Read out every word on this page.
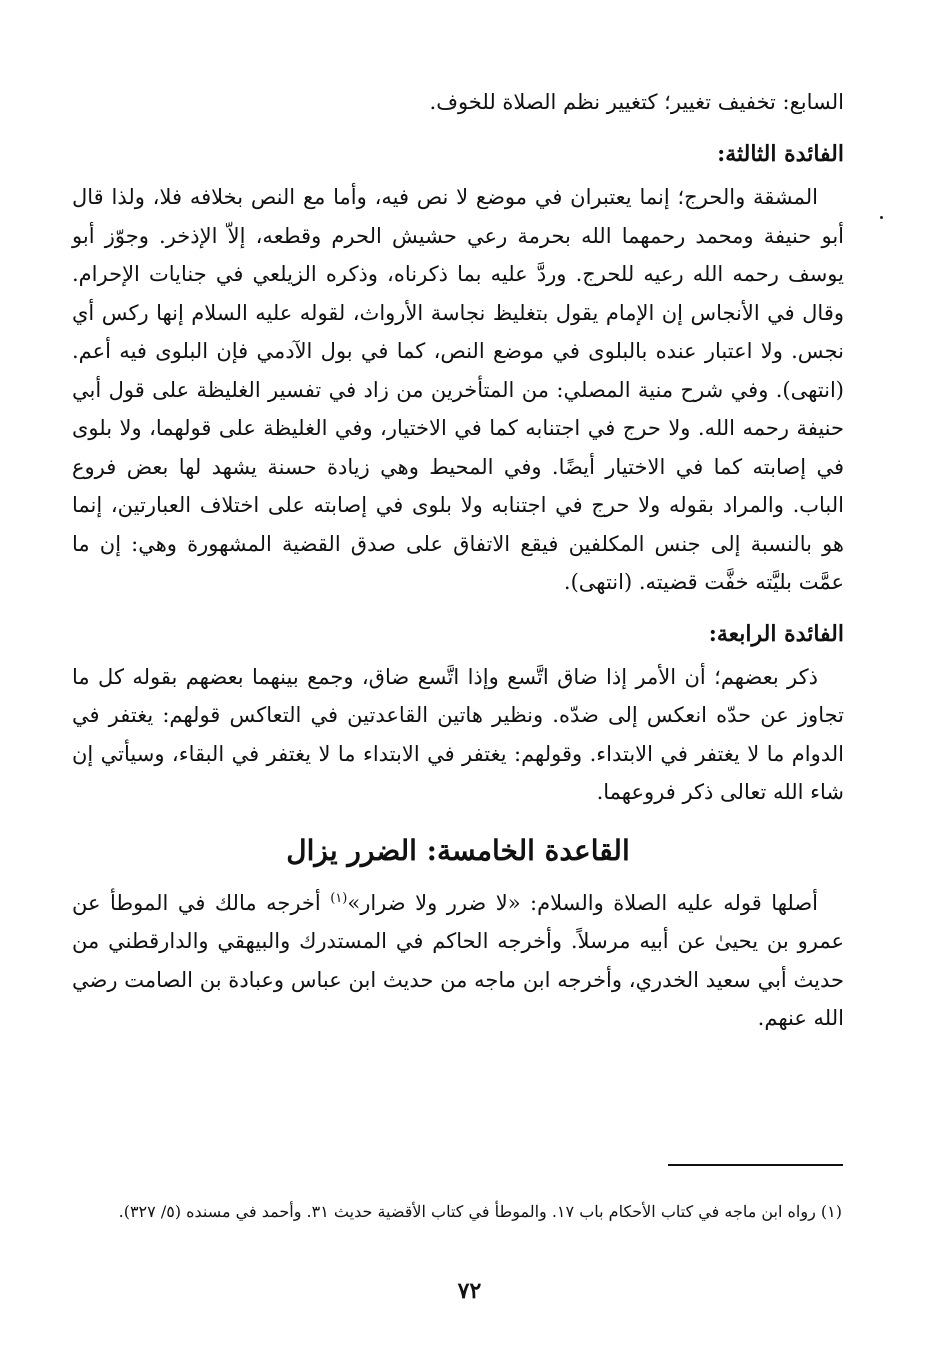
السابع: تخفيف تغيير؛ كتغيير نظم الصلاة للخوف.

الفائدة الثالثة:

المشقة والحرج؛ إنما يعتبران في موضع لا نص فيه، وأما مع النص بخلافه فلا، ولذا قال أبو حنيفة ومحمد رحمهما الله بحرمة رعي حشيش الحرم وقطعه، إلاّ الإذخر. وجوّز أبو يوسف رحمه الله رعيه للحرج. وردَّ عليه بما ذكرناه، وذكره الزيلعي في جنايات الإحرام. وقال في الأنجاس إن الإمام يقول بتغليظ نجاسة الأرواث، لقوله عليه السلام إنها ركس أي نجس. ولا اعتبار عنده بالبلوى في موضع النص، كما في بول الآدمي فإن البلوى فيه أعم. (انتهى). وفي شرح منية المصلي: من المتأخرين من زاد في تفسير الغليظة على قول أبي حنيفة رحمه الله. ولا حرج في اجتنابه كما في الاختيار، وفي الغليظة على قولهما، ولا بلوى في إصابته كما في الاختيار أيضًا. وفي المحيط وهي زيادة حسنة يشهد لها بعض فروع الباب. والمراد بقوله ولا حرج في اجتنابه ولا بلوى في إصابته على اختلاف العبارتين، إنما هو بالنسبة إلى جنس المكلفين فيقع الاتفاق على صدق القضية المشهورة وهي: إن ما عمَّت بليَّته خفَّت قضيته. (انتهى).

الفائدة الرابعة:

ذكر بعضهم؛ أن الأمر إذا ضاق اتَّسع وإذا اتَّسع ضاق، وجمع بينهما بعضهم بقوله كل ما تجاوز عن حدّه انعكس إلى ضدّه. ونظير هاتين القاعدتين في التعاكس قولهم: يغتفر في الدوام ما لا يغتفر في الابتداء. وقولهم: يغتفر في الابتداء ما لا يغتفر في البقاء، وسيأتي إن شاء الله تعالى ذكر فروعهما.

القاعدة الخامسة: الضرر يزال

أصلها قوله عليه الصلاة والسلام: «لا ضرر ولا ضرار»$^{(١)}$ أخرجه مالك في الموطأ عن عمرو بن يحيىٰ عن أبيه مرسلاً. وأخرجه الحاكم في المستدرك والبيهقي والدارقطني من حديث أبي سعيد الخدري، وأخرجه ابن ماجه من حديث ابن عباس وعبادة بن الصامت رضي الله عنهم.

(١) رواه ابن ماجه في كتاب الأحكام باب ١٧. والموطأ في كتاب الأقضية حديث ٣١. وأحمد في مسنده (٥/ ٣٢٧).

٧٢
